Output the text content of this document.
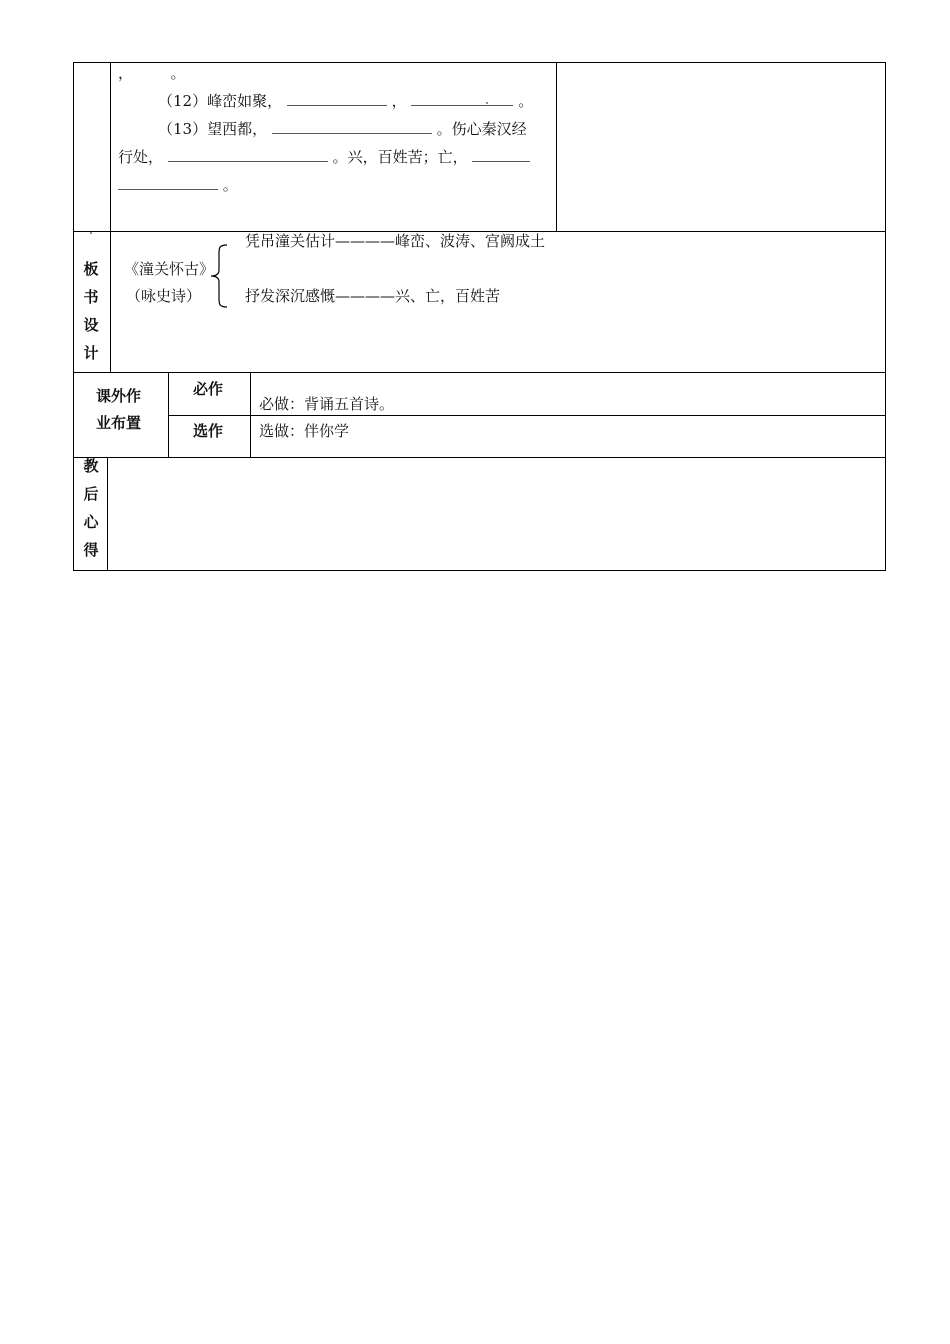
，　　　。
（12）峰峦如聚，	，	。
（13）望西都，	。伤心秦汉经
行处，	。兴，百姓苦；亡，
。
板
书
设
计
《潼关怀古》
（咏史诗）
凭吊潼关估计————峰峦、波涛、宫阙成土
抒发深沉感慨————兴、亡，百姓苦
课外作
业布置
必作
必做：背诵五首诗。
选作 选做：伴你学
教
后
心
得
